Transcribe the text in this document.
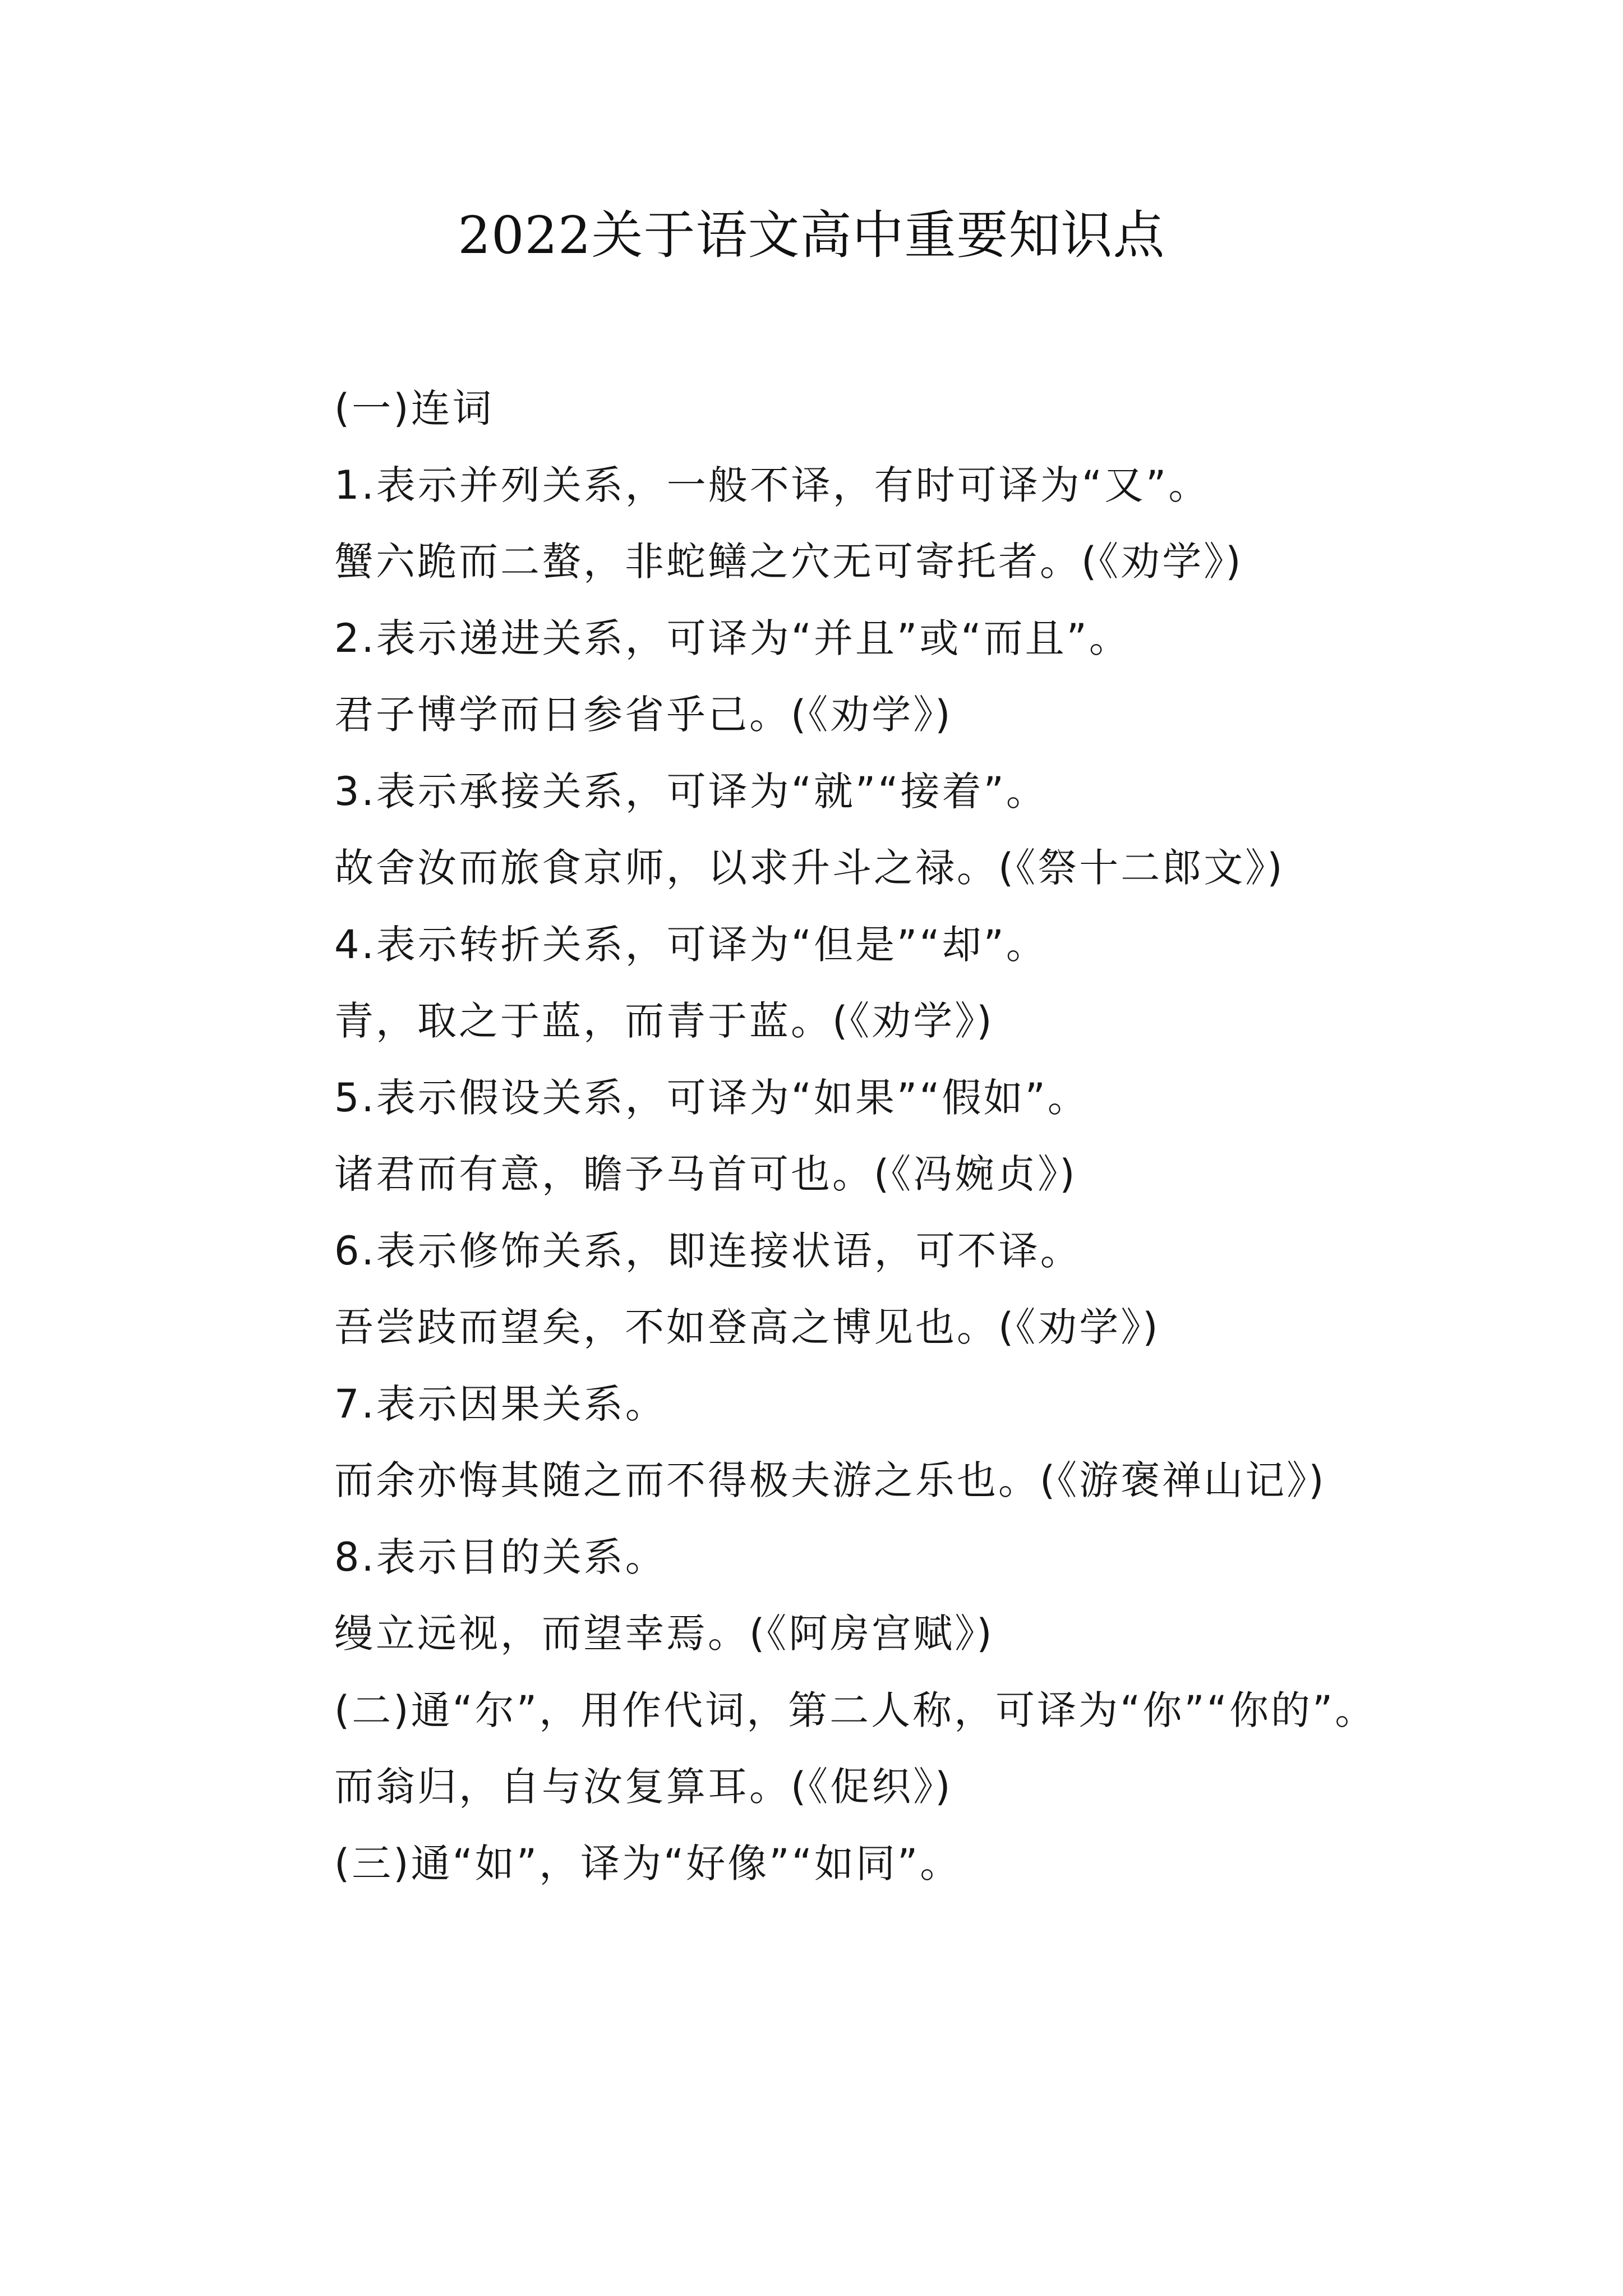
2022关于语文高中重要知识点

(一)连词

1.表示并列关系，一般不译，有时可译为“又”。

蟹六跪而二螯，非蛇鳝之穴无可寄托者。(《劝学》)

2.表示递进关系，可译为“并且”或“而且”。

君子博学而日参省乎己。(《劝学》)

3.表示承接关系，可译为“就”“接着”。

故舍汝而旅食京师，以求升斗之禄。(《祭十二郎文》)

4.表示转折关系，可译为“但是”“却”。

青，取之于蓝，而青于蓝。(《劝学》)

5.表示假设关系，可译为“如果”“假如”。

诸君而有意，瞻予马首可也。(《冯婉贞》)

6.表示修饰关系，即连接状语，可不译。

吾尝跂而望矣，不如登高之博见也。(《劝学》)

7.表示因果关系。

而余亦悔其随之而不得极夫游之乐也。(《游褒禅山记》)

8.表示目的关系。

缦立远视，而望幸焉。(《阿房宫赋》)

(二)通“尔”，用作代词，第二人称，可译为“你”“你的”。

而翁归，自与汝复算耳。(《促织》)

(三)通“如”，译为“好像”“如同”。
